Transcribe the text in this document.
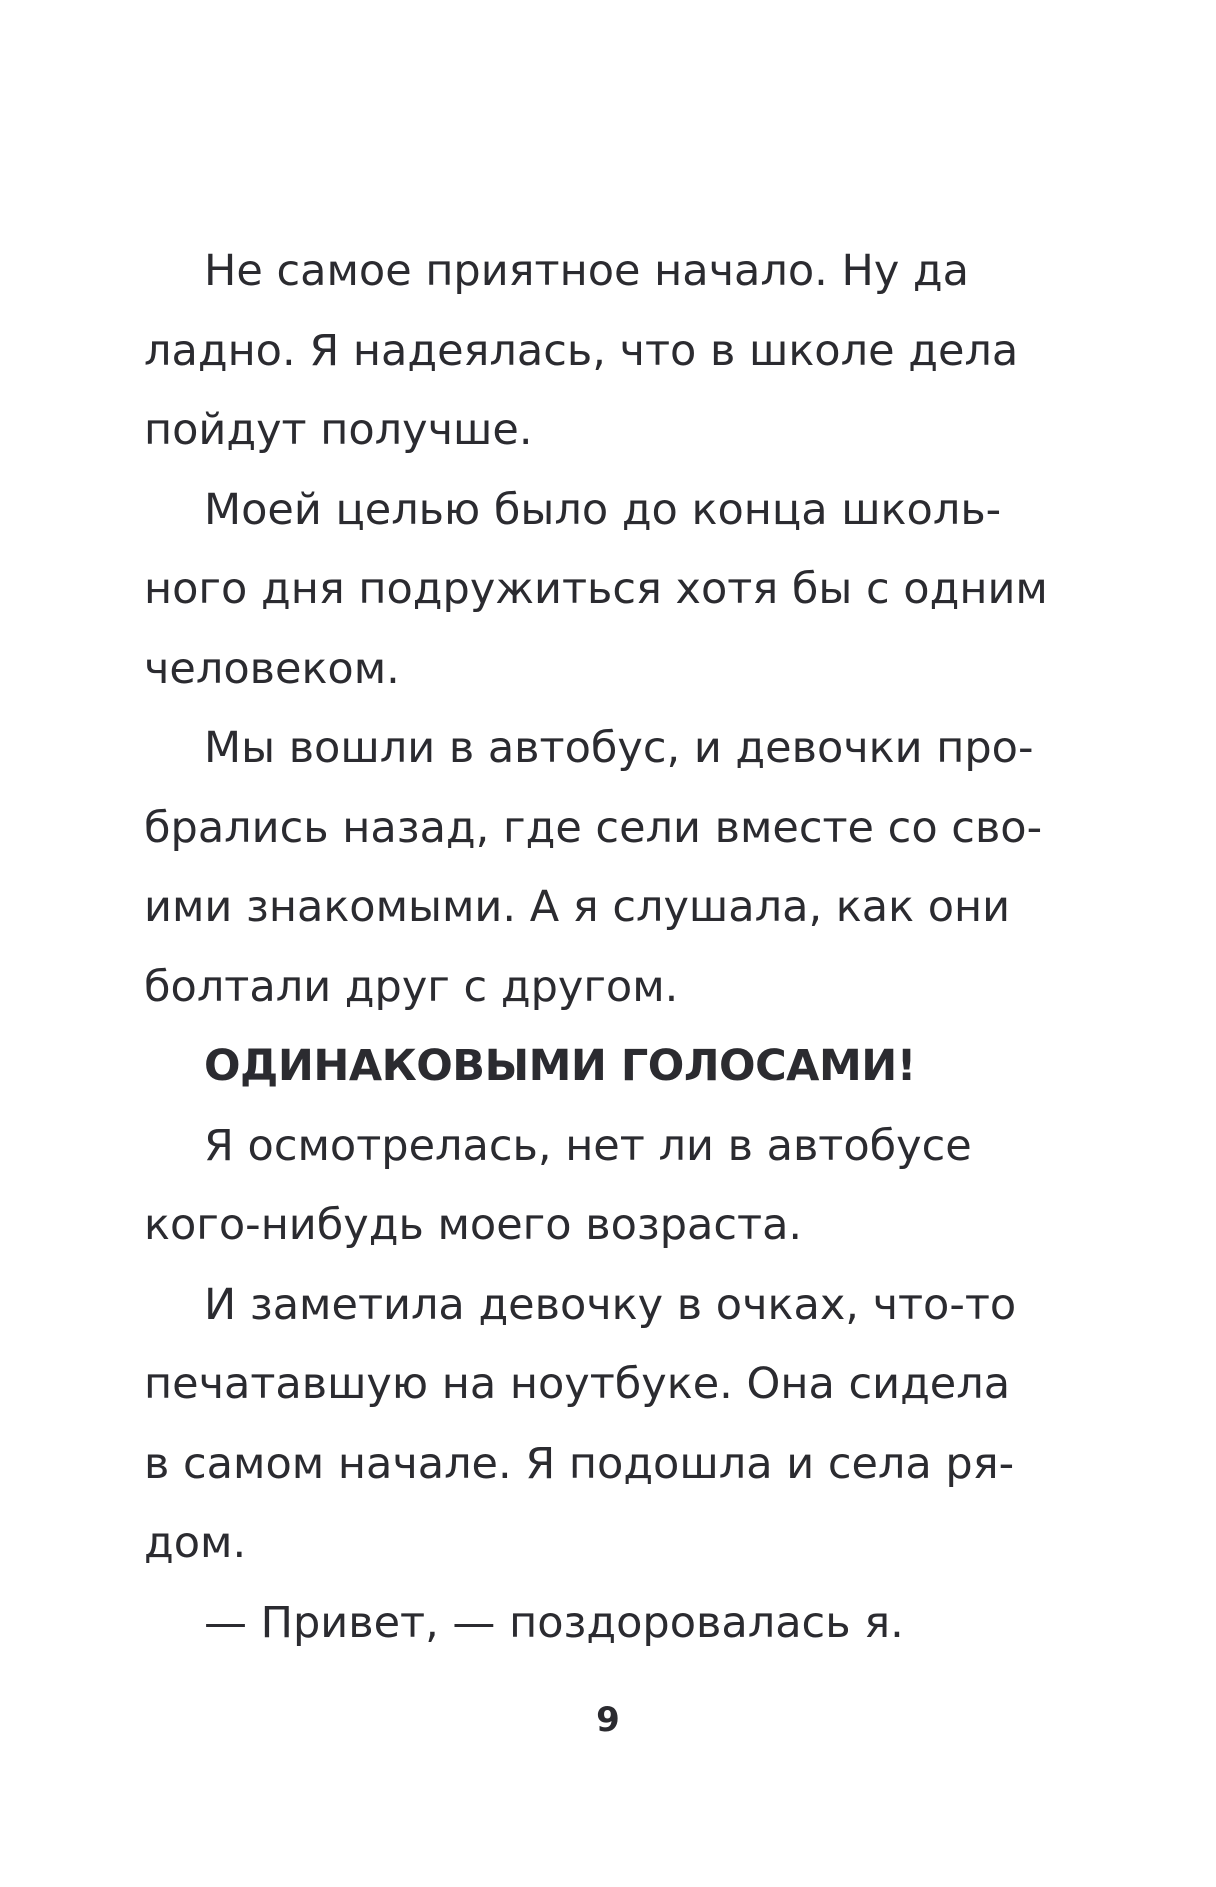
Не самое приятное начало. Ну да
ладно. Я надеялась, что в школе дела
пойдут получше.

Моей целью было до конца школь-
ного дня подружиться хотя бы с одним
человеком.

Мы вошли в автобус, и девочки про-
брались назад, где сели вместе со сво-
ими знакомыми. А я слушала, как они
болтали друг с другом.

ОДИНАКОВЫМИ ГОЛОСАМИ!

Я осмотрелась, нет ли в автобусе
кого-нибудь моего возраста.

И заметила девочку в очках, что-то
печатавшую на ноутбуке. Она сидела
в самом начале. Я подошла и села ря-
дом.

— Привет, — поздоровалась я.

9
